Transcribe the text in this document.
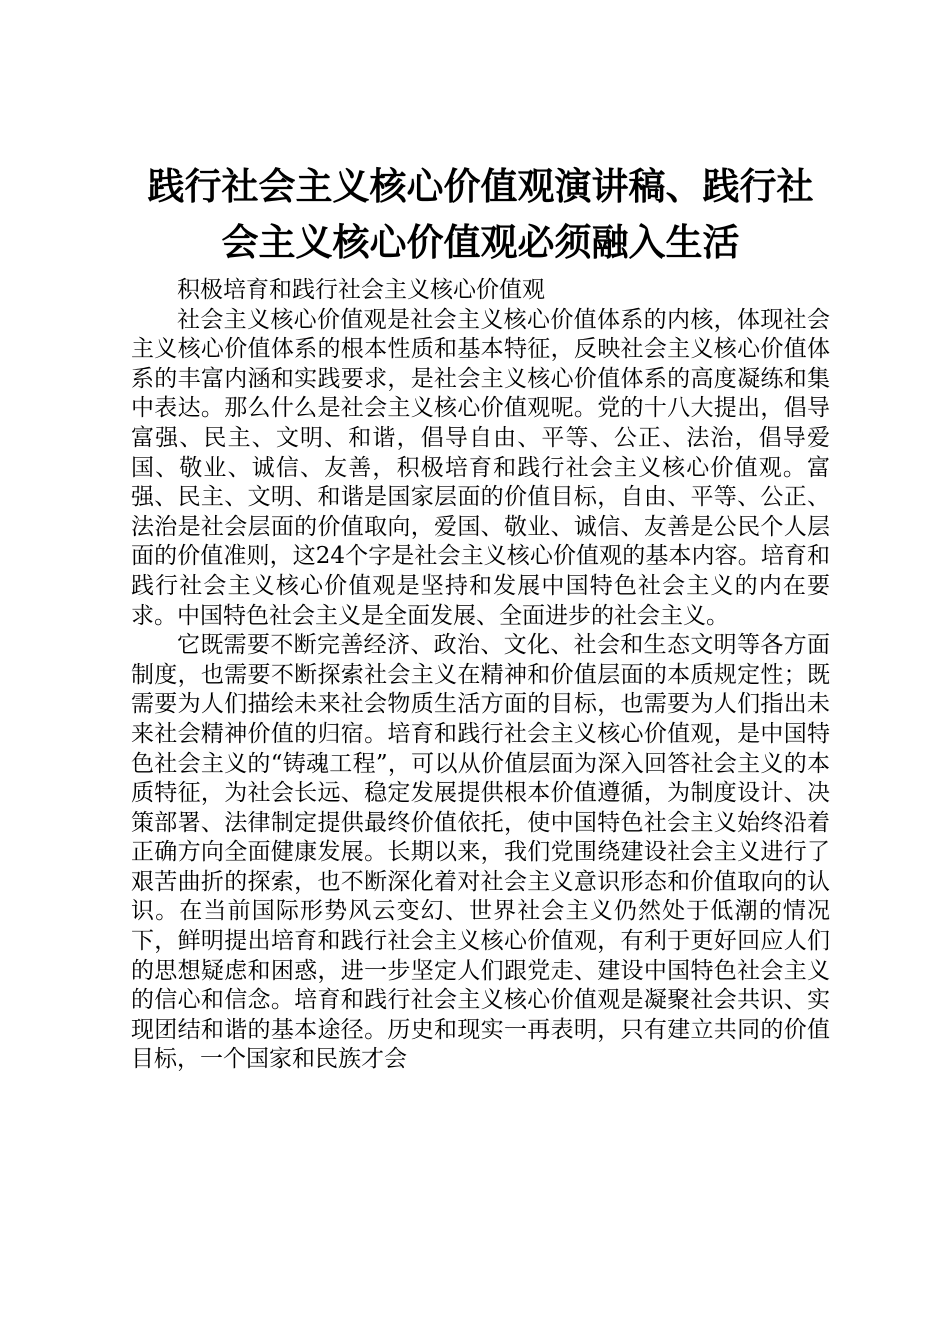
践行社会主义核心价值观演讲稿、践行社会主义核心价值观必须融入生活

积极培育和践行社会主义核心价值观

社会主义核心价值观是社会主义核心价值体系的内核，体现社会主义核心价值体系的根本性质和基本特征，反映社会主义核心价值体系的丰富内涵和实践要求，是社会主义核心价值体系的高度凝练和集中表达。那么什么是社会主义核心价值观呢。党的十八大提出，倡导富强、民主、文明、和谐，倡导自由、平等、公正、法治，倡导爱国、敬业、诚信、友善，积极培育和践行社会主义核心价值观。富强、民主、文明、和谐是国家层面的价值目标，自由、平等、公正、法治是社会层面的价值取向，爱国、敬业、诚信、友善是公民个人层面的价值准则，这24个字是社会主义核心价值观的基本内容。培育和践行社会主义核心价值观是坚持和发展中国特色社会主义的内在要求。中国特色社会主义是全面发展、全面进步的社会主义。

它既需要不断完善经济、政治、文化、社会和生态文明等各方面制度，也需要不断探索社会主义在精神和价值层面的本质规定性；既需要为人们描绘未来社会物质生活方面的目标，也需要为人们指出未来社会精神价值的归宿。培育和践行社会主义核心价值观，是中国特色社会主义的“铸魂工程”，可以从价值层面为深入回答社会主义的本质特征，为社会长远、稳定发展提供根本价值遵循，为制度设计、决策部署、法律制定提供最终价值依托，使中国特色社会主义始终沿着正确方向全面健康发展。长期以来，我们党围绕建设社会主义进行了艰苦曲折的探索，也不断深化着对社会主义意识形态和价值取向的认识。在当前国际形势风云变幻、世界社会主义仍然处于低潮的情况下，鲜明提出培育和践行社会主义核心价值观，有利于更好回应人们的思想疑虑和困惑，进一步坚定人们跟党走、建设中国特色社会主义的信心和信念。培育和践行社会主义核心价值观是凝聚社会共识、实现团结和谐的基本途径。历史和现实一再表明，只有建立共同的价值目标，一个国家和民族才会
